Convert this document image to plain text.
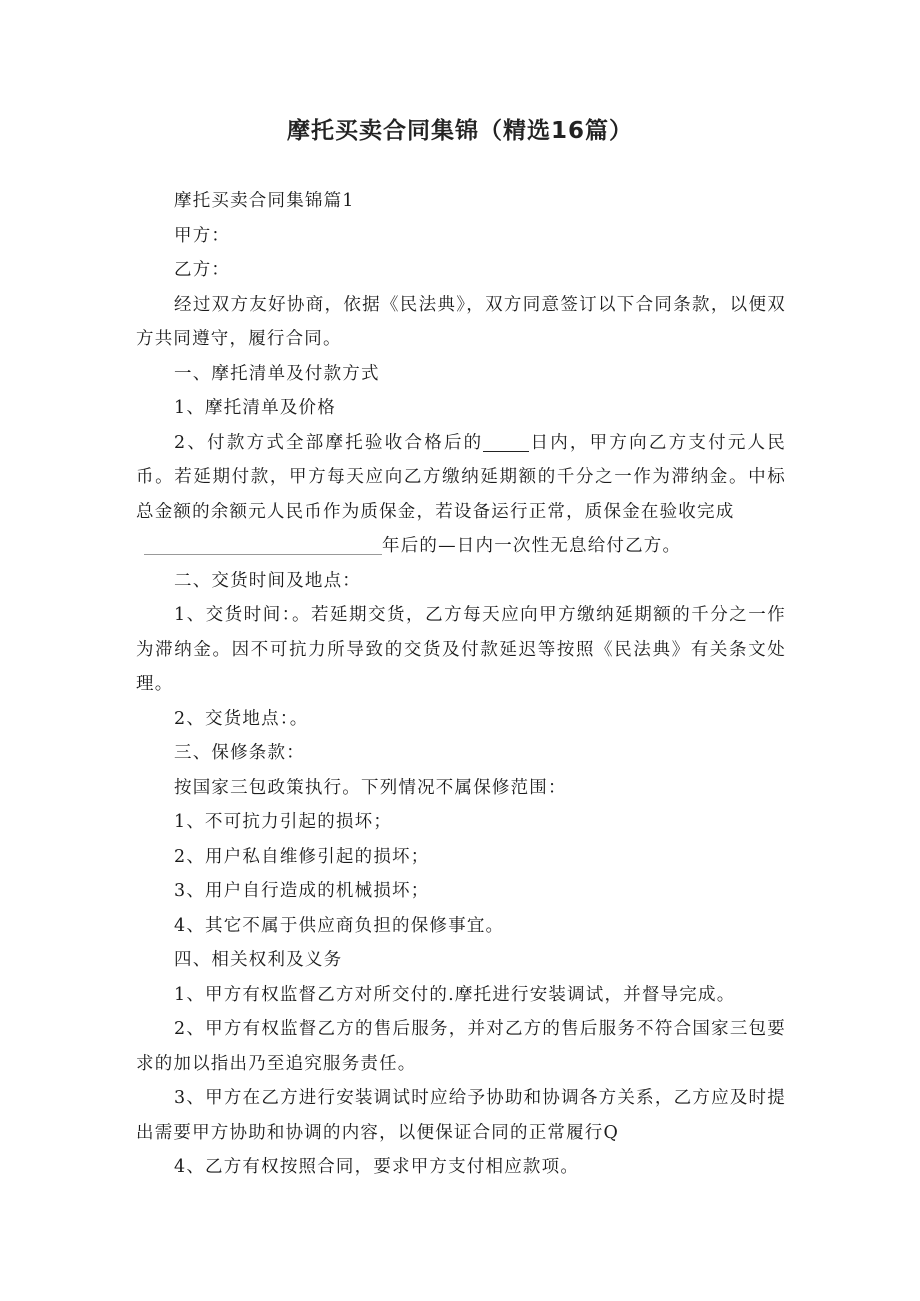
摩托买卖合同集锦（精选16篇）

摩托买卖合同集锦篇1

甲方：

乙方：

经过双方友好协商，依据《民法典》，双方同意签订以下合同条款，以便双方共同遵守，履行合同。

一、摩托清单及付款方式

1、摩托清单及价格

2、付款方式全部摩托验收合格后的	日内，甲方向乙方支付元人民币。若延期付款，甲方每天应向乙方缴纳延期额的千分之一作为滞纳金。中标总金额的余额元人民币作为质保金，若设备运行正常，质保金在验收完成
年后的—日内一次性无息给付乙方。

二、交货时间及地点：

1、交货时间：。若延期交货，乙方每天应向甲方缴纳延期额的千分之一作为滞纳金。因不可抗力所导致的交货及付款延迟等按照《民法典》有关条文处理。

2、交货地点：。

三、保修条款：

按国家三包政策执行。下列情况不属保修范围：

1、不可抗力引起的损坏；

2、用户私自维修引起的损坏；

3、用户自行造成的机械损坏；

4、其它不属于供应商负担的保修事宜。

四、相关权利及义务

1、甲方有权监督乙方对所交付的.摩托进行安装调试，并督导完成。

2、甲方有权监督乙方的售后服务，并对乙方的售后服务不符合国家三包要求的加以指出乃至追究服务责任。

3、甲方在乙方进行安装调试时应给予协助和协调各方关系，乙方应及时提出需要甲方协助和协调的内容，以便保证合同的正常履行Q

4、乙方有权按照合同，要求甲方支付相应款项。
